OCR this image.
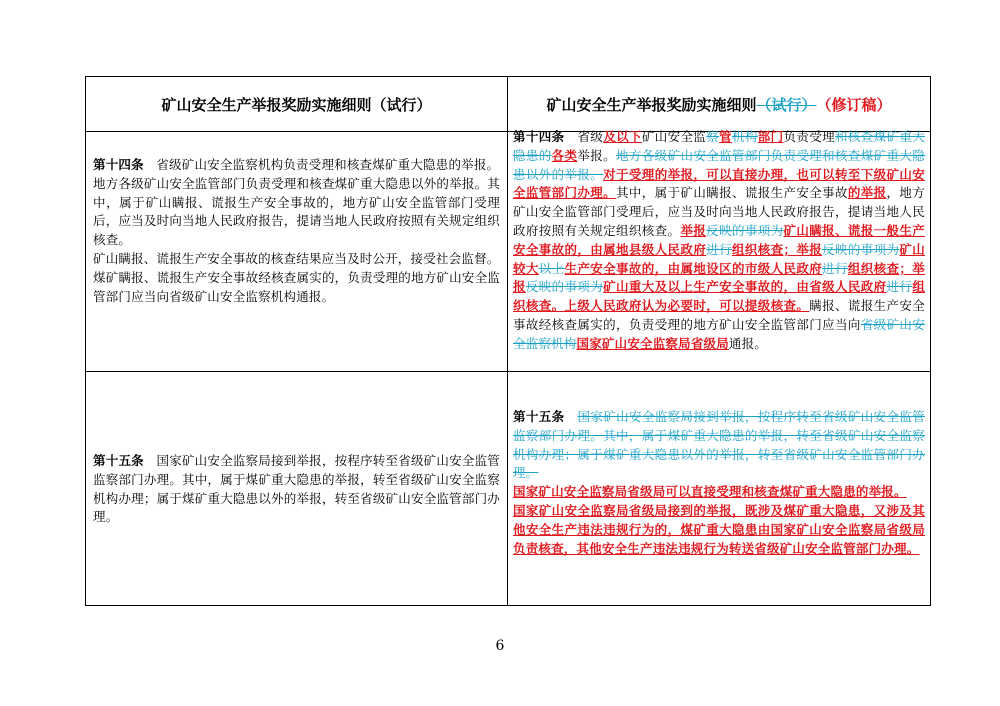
矿山安全生产举报奖励实施细则（试行）	矿山安全生产举报奖励实施细则 （试行） （修订稿）

第十四条 省级矿山安全监察机构负责受理和核查煤矿重大隐患的举报。

地方各级矿山安全监管部门负责受理和核查煤矿重大隐患以外的举报。其中，属于矿山瞒报、谎报生产安全事故的，地方矿山安全监管部门受理后，应当及时向当地人民政府报告，提请当地人民政府按照有关规定组织核查。

矿山瞒报、谎报生产安全事故的核查结果应当及时公开，接受社会监督。

煤矿瞒报、谎报生产安全事故经核查属实的，负责受理的地方矿山安全监管部门应当向省级矿山安全监察机构通报。

第十四条 省级及以下矿山安全监察管机构部门负责受理和核查煤矿重大隐患的各类举报。地方各级矿山安全监管部门负责受理和核查煤矿重大隐患以外的举报。对于受理的举报，可以直接办理，也可以转至下级矿山安全监管部门办理。其中，属于矿山瞒报、谎报生产安全事故的举报，地方矿山安全监管部门受理后，应当及时向当地人民政府报告，提请当地人民政府按照有关规定组织核查。举报反映的事项为矿山瞒报、谎报一般生产安全事故的，由属地县级人民政府进行组织核查；举报反映的事项为矿山较大以上生产安全事故的，由属地设区的市级人民政府进行组织核查；举报反映的事项为矿山重大及以上生产安全事故的，由省级人民政府进行组织核查。上级人民政府认为必要时，可以提级核查。瞒报、谎报生产安全事故经核查属实的，负责受理的地方矿山安全监管部门应当向省级矿山安全监察机构国家矿山安全监察局省级局通报。

第十五条 国家矿山安全监察局接到举报，按程序转至省级矿山安全监管监察部门办理。其中，属于煤矿重大隐患的举报，转至省级矿山安全监察机构办理；属于煤矿重大隐患以外的举报，转至省级矿山安全监管部门办理。

第十五条 国家矿山安全监察局接到举报，按程序转至省级矿山安全监管监察部门办理。其中，属于煤矿重大隐患的举报，转至省级矿山安全监察机构办理；属于煤矿重大隐患以外的举报，转至省级矿山安全监管部门办理。

国家矿山安全监察局省级局可以直接受理和核查煤矿重大隐患的举报。

国家矿山安全监察局省级局接到的举报，既涉及煤矿重大隐患，又涉及其他安全生产违法违规行为的，煤矿重大隐患由国家矿山安全监察局省级局负责核查，其他安全生产违法违规行为转送省级矿山安全监管部门办理。

6
